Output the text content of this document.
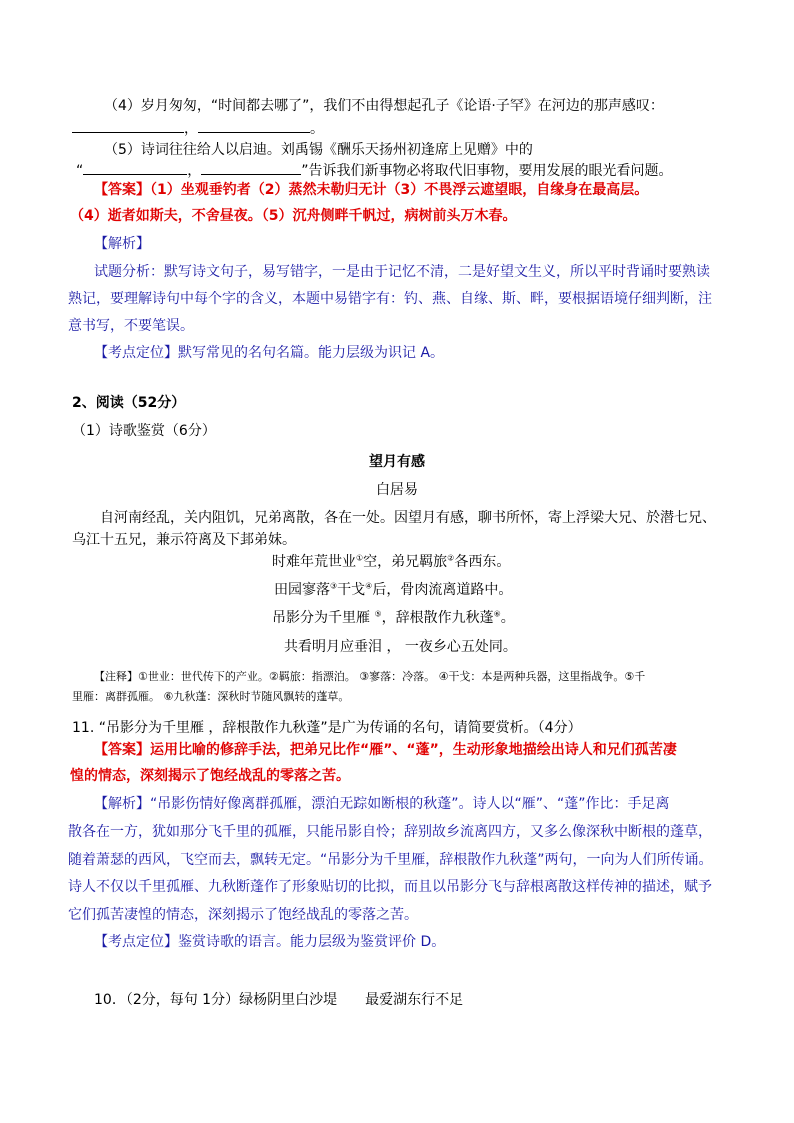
（4）岁月匆匆，“时间都去哪了”，我们不由得想起孔子《论语·子罕》在河边的那声感叹：
，	。
（5）诗词往往给人以启迪。刘禹锡《酬乐天扬州初逢席上见赠》中的
“	，	”告诉我们新事物必将取代旧事物，要用发展的眼光看问题。
【答案】（1）坐观垂钓者（2）蒸然未勒归无计（3）不畏浮云遮望眼，自缘身在最高层。
（4）逝者如斯夫，不舍昼夜。（5）沉舟侧畔千帆过，病树前头万木春。
【解析】
试题分析：默写诗文句子，易写错字，一是由于记忆不清，二是好望文生义，所以平时背诵时要熟读
熟记，要理解诗句中每个字的含义，本题中易错字有：钓、燕、自缘、斯、畔，要根据语境仔细判断，注
意书写，不要笔误。
【考点定位】默写常见的名句名篇。能力层级为识记 A。
2、阅读（52分）
（1）诗歌鉴赏（6分）
望月有感
白居易
自河南经乱，关内阻饥，兄弟离散，各在一处。因望月有感，聊书所怀，寄上浮梁大兄、於潜七兄、
乌江十五兄，兼示符离及下邽弟妹。
时难年荒世业①空，弟兄羁旅②各西东。
田园寥落③干戈④后，骨肉流离道路中。
吊影分为千里雁 ⑤，辞根散作九秋蓬⑥。
共看明月应垂泪 ， 一夜乡心五处同。
【注释】①世业：世代传下的产业。②羁旅：指漂泊。 ③寥落：冷落。 ④干戈：本是两种兵器，这里指战争。⑤千
里雁：离群孤雁。 ⑥九秋蓬：深秋时节随风飘转的蓬草。
11. “吊影分为千里雁 ，辞根散作九秋蓬”是广为传诵的名句，请简要赏析。（4分）
【答案】运用比喻的修辞手法，把弟兄比作“雁”、“蓬”，生动形象地描绘出诗人和兄们孤苦凄
惶的情态，深刻揭示了饱经战乱的零落之苦。
【解析】“吊影伤情好像离群孤雁，漂泊无踪如断根的秋蓬”。诗人以“雁”、“蓬”作比：手足离
散各在一方，犹如那分飞千里的孤雁，只能吊影自怜；辞别故乡流离四方，又多么像深秋中断根的蓬草，
随着萧瑟的西风，飞空而去，飘转无定。“吊影分为千里雁，辞根散作九秋蓬”两句，一向为人们所传诵。
诗人不仅以千里孤雁、九秋断蓬作了形象贴切的比拟，而且以吊影分飞与辞根离散这样传神的描述，赋予
它们孤苦凄惶的情态，深刻揭示了饱经战乱的零落之苦。
【考点定位】鉴赏诗歌的语言。能力层级为鉴赏评价 D。
10．（2分，每句 1分）绿杨阴里白沙堤　　最爱湖东行不足
